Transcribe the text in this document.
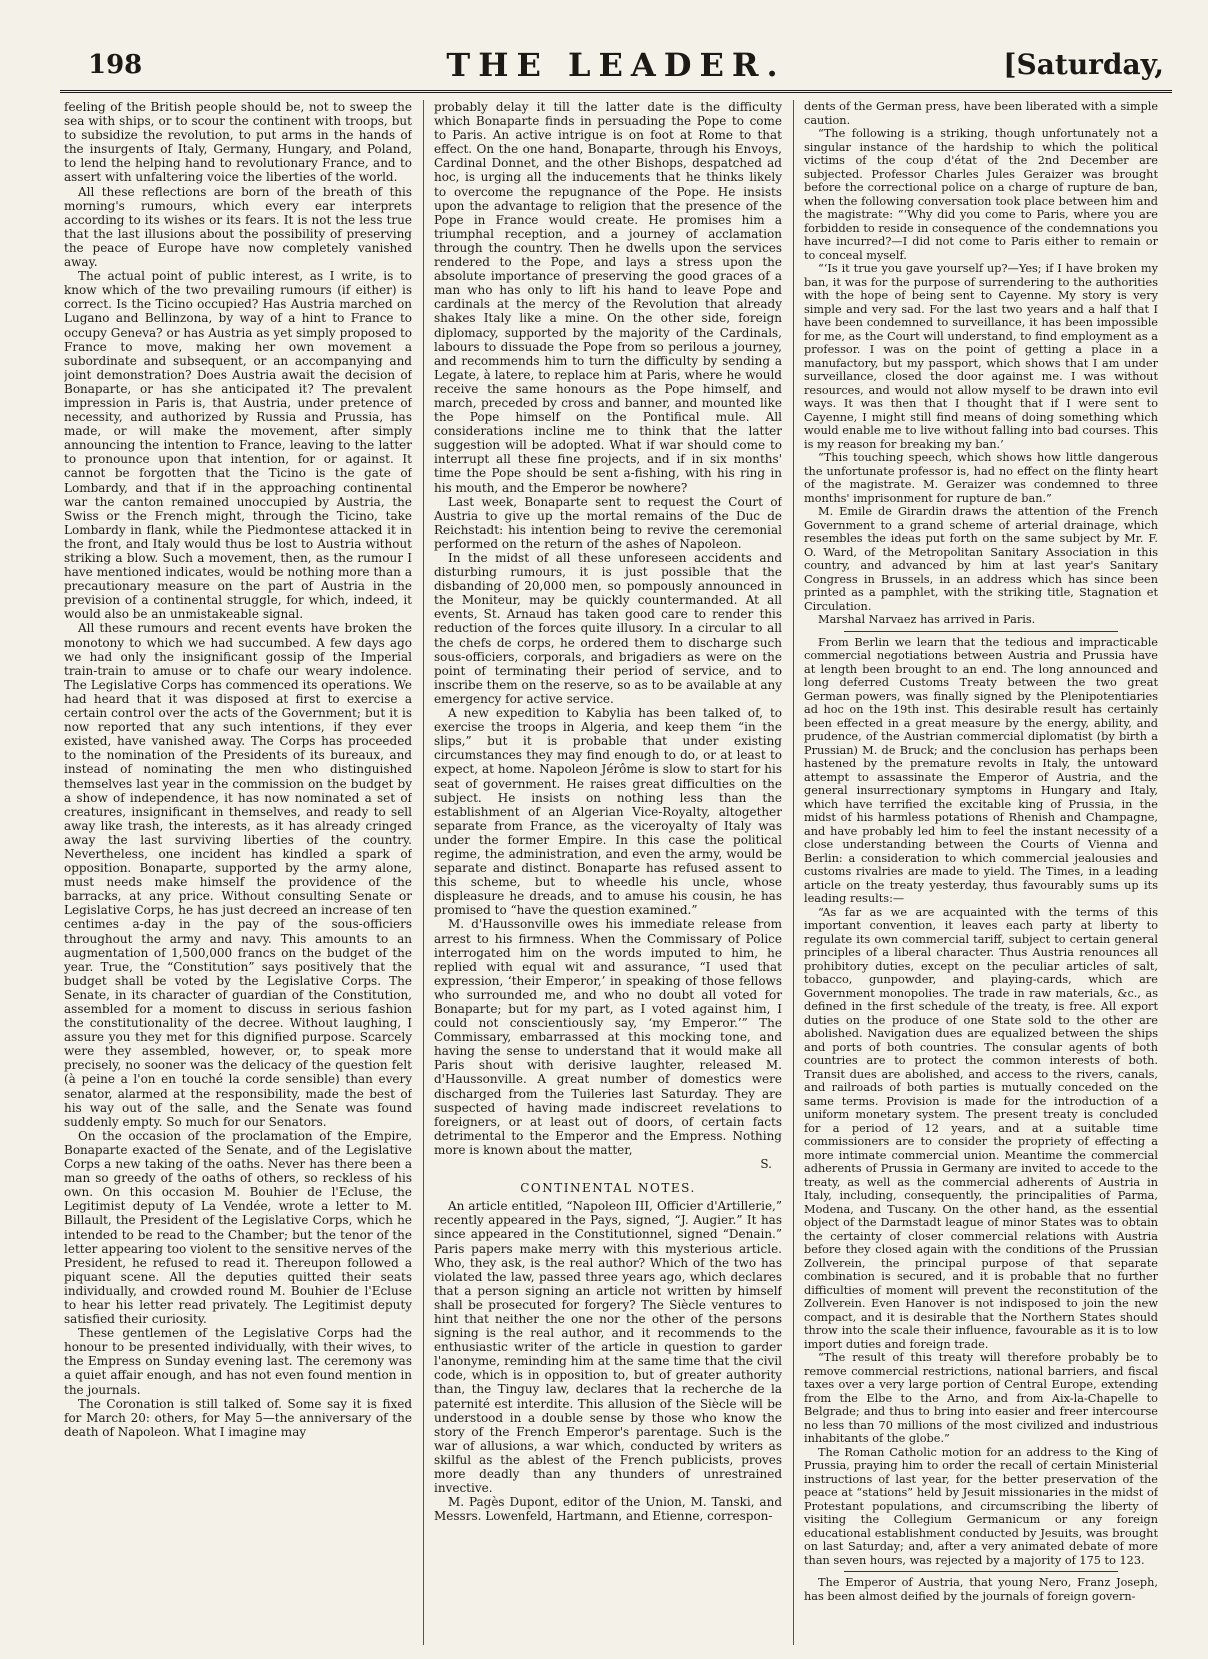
198	THE LEADER.	[Saturday,

feeling of the British people should be, not to sweep the sea with ships, or to scour the continent with troops, but to subsidize the revolution, to put arms in the hands of the insurgents of Italy, Germany, Hungary, and Poland, to lend the helping hand to revolutionary France, and to assert with unfaltering voice the liberties of the world.

All these reflections are born of the breath of this morning's rumours, which every ear interprets according to its wishes or its fears. It is not the less true that the last illusions about the possibility of preserving the peace of Europe have now completely vanished away.

The actual point of public interest, as I write, is to know which of the two prevailing rumours (if either) is correct. Is the Ticino occupied? Has Austria marched on Lugano and Bellinzona, by way of a hint to France to occupy Geneva? or has Austria as yet simply proposed to France to move, making her own movement a subordinate and subsequent, or an accompanying and joint demonstration? Does Austria await the decision of Bonaparte, or has she anticipated it? The prevalent impression in Paris is, that Austria, under pretence of necessity, and authorized by Russia and Prussia, has made, or will make the movement, after simply announcing the intention to France, leaving to the latter to pronounce upon that intention, for or against. It cannot be forgotten that the Ticino is the gate of Lombardy, and that if in the approaching continental war the canton remained unoccupied by Austria, the Swiss or the French might, through the Ticino, take Lombardy in flank, while the Piedmontese attacked it in the front, and Italy would thus be lost to Austria without striking a blow. Such a movement, then, as the rumour I have mentioned indicates, would be nothing more than a precautionary measure on the part of Austria in the prevision of a continental struggle, for which, indeed, it would also be an unmistakeable signal.

All these rumours and recent events have broken the monotony to which we had succumbed. A few days ago we had only the insignificant gossip of the Imperial train-train to amuse or to chafe our weary indolence. The Legislative Corps has commenced its operations. We had heard that it was disposed at first to exercise a certain control over the acts of the Government; but it is now reported that any such intentions, if they ever existed, have vanished away. The Corps has proceeded to the nomination of the Presidents of its bureaux, and instead of nominating the men who distinguished themselves last year in the commission on the budget by a show of independence, it has now nominated a set of creatures, insignificant in themselves, and ready to sell away like trash, the interests, as it has already cringed away the last surviving liberties of the country. Nevertheless, one incident has kindled a spark of opposition. Bonaparte, supported by the army alone, must needs make himself the providence of the barracks, at any price. Without consulting Senate or Legislative Corps, he has just decreed an increase of ten centimes a-day in the pay of the sous-officiers throughout the army and navy. This amounts to an augmentation of 1,500,000 francs on the budget of the year. True, the “Constitution” says positively that the budget shall be voted by the Legislative Corps. The Senate, in its character of guardian of the Constitution, assembled for a moment to discuss in serious fashion the constitutionality of the decree. Without laughing, I assure you they met for this dignified purpose. Scarcely were they assembled, however, or, to speak more precisely, no sooner was the delicacy of the question felt (à peine a l'on en touché la corde sensible) than every senator, alarmed at the responsibility, made the best of his way out of the salle, and the Senate was found suddenly empty. So much for our Senators.

On the occasion of the proclamation of the Empire, Bonaparte exacted of the Senate, and of the Legislative Corps a new taking of the oaths. Never has there been a man so greedy of the oaths of others, so reckless of his own. On this occasion M. Bouhier de l'Ecluse, the Legitimist deputy of La Vendée, wrote a letter to M. Billault, the President of the Legislative Corps, which he intended to be read to the Chamber; but the tenor of the letter appearing too violent to the sensitive nerves of the President, he refused to read it. Thereupon followed a piquant scene. All the deputies quitted their seats individually, and crowded round M. Bouhier de l'Ecluse to hear his letter read privately. The Legitimist deputy satisfied their curiosity.

These gentlemen of the Legislative Corps had the honour to be presented individually, with their wives, to the Empress on Sunday evening last. The ceremony was a quiet affair enough, and has not even found mention in the journals.

The Coronation is still talked of. Some say it is fixed for March 20: others, for May 5—the anniversary of the death of Napoleon. What I imagine may

probably delay it till the latter date is the difficulty which Bonaparte finds in persuading the Pope to come to Paris. An active intrigue is on foot at Rome to that effect. On the one hand, Bonaparte, through his Envoys, Cardinal Donnet, and the other Bishops, despatched ad hoc, is urging all the inducements that he thinks likely to overcome the repugnance of the Pope. He insists upon the advantage to religion that the presence of the Pope in France would create. He promises him a triumphal reception, and a journey of acclamation through the country. Then he dwells upon the services rendered to the Pope, and lays a stress upon the absolute importance of preserving the good graces of a man who has only to lift his hand to leave Pope and cardinals at the mercy of the Revolution that already shakes Italy like a mine. On the other side, foreign diplomacy, supported by the majority of the Cardinals, labours to dissuade the Pope from so perilous a journey, and recommends him to turn the difficulty by sending a Legate, à latere, to replace him at Paris, where he would receive the same honours as the Pope himself, and march, preceded by cross and banner, and mounted like the Pope himself on the Pontifical mule. All considerations incline me to think that the latter suggestion will be adopted. What if war should come to interrupt all these fine projects, and if in six months' time the Pope should be sent a-fishing, with his ring in his mouth, and the Emperor be nowhere?

Last week, Bonaparte sent to request the Court of Austria to give up the mortal remains of the Duc de Reichstadt: his intention being to revive the ceremonial performed on the return of the ashes of Napoleon.

In the midst of all these unforeseen accidents and disturbing rumours, it is just possible that the disbanding of 20,000 men, so pompously announced in the Moniteur, may be quickly countermanded. At all events, St. Arnaud has taken good care to render this reduction of the forces quite illusory. In a circular to all the chefs de corps, he ordered them to discharge such sous-officiers, corporals, and brigadiers as were on the point of terminating their period of service, and to inscribe them on the reserve, so as to be available at any emergency for active service.

A new expedition to Kabylia has been talked of, to exercise the troops in Algeria, and keep them “in the slips,” but it is probable that under existing circumstances they may find enough to do, or at least to expect, at home. Napoleon Jérôme is slow to start for his seat of government. He raises great difficulties on the subject. He insists on nothing less than the establishment of an Algerian Vice-Royalty, altogether separate from France, as the viceroyalty of Italy was under the former Empire. In this case the political regime, the administration, and even the army, would be separate and distinct. Bonaparte has refused assent to this scheme, but to wheedle his uncle, whose displeasure he dreads, and to amuse his cousin, he has promised to “have the question examined.”

M. d'Haussonville owes his immediate release from arrest to his firmness. When the Commissary of Police interrogated him on the words imputed to him, he replied with equal wit and assurance, “I used that expression, ‘their Emperor,’ in speaking of those fellows who surrounded me, and who no doubt all voted for Bonaparte; but for my part, as I voted against him, I could not conscientiously say, ‘my Emperor.’” The Commissary, embarrassed at this mocking tone, and having the sense to understand that it would make all Paris shout with derisive laughter, released M. d'Haussonville. A great number of domestics were discharged from the Tuileries last Saturday. They are suspected of having made indiscreet revelations to foreigners, or at least out of doors, of certain facts detrimental to the Emperor and the Empress. Nothing more is known about the matter,

S.

CONTINENTAL NOTES.

An article entitled, “Napoleon III, Officier d'Artillerie,” recently appeared in the Pays, signed, “J. Augier.” It has since appeared in the Constitutionnel, signed “Denain.” Paris papers make merry with this mysterious article. Who, they ask, is the real author? Which of the two has violated the law, passed three years ago, which declares that a person signing an article not written by himself shall be prosecuted for forgery? The Siècle ventures to hint that neither the one nor the other of the persons signing is the real author, and it recommends to the enthusiastic writer of the article in question to garder l'anonyme, reminding him at the same time that the civil code, which is in opposition to, but of greater authority than, the Tinguy law, declares that la recherche de la paternité est interdite. This allusion of the Siècle will be understood in a double sense by those who know the story of the French Emperor's parentage. Such is the war of allusions, a war which, conducted by writers as skilful as the ablest of the French publicists, proves more deadly than any thunders of unrestrained invective.

M. Pagès Dupont, editor of the Union, M. Tanski, and Messrs. Lowenfeld, Hartmann, and Etienne, correspon-

dents of the German press, have been liberated with a simple caution.

“The following is a striking, though unfortunately not a singular instance of the hardship to which the political victims of the coup d'état of the 2nd December are subjected. Professor Charles Jules Geraizer was brought before the correctional police on a charge of rupture de ban, when the following conversation took place between him and the magistrate: “‘Why did you come to Paris, where you are forbidden to reside in consequence of the condemnations you have incurred?—I did not come to Paris either to remain or to conceal myself.

“‘Is it true you gave yourself up?—Yes; if I have broken my ban, it was for the purpose of surrendering to the authorities with the hope of being sent to Cayenne. My story is very simple and very sad. For the last two years and a half that I have been condemned to surveillance, it has been impossible for me, as the Court will understand, to find employment as a professor. I was on the point of getting a place in a manufactory, but my passport, which shows that I am under surveillance, closed the door against me. I was without resources, and would not allow myself to be drawn into evil ways. It was then that I thought that if I were sent to Cayenne, I might still find means of doing something which would enable me to live without falling into bad courses. This is my reason for breaking my ban.’

“This touching speech, which shows how little dangerous the unfortunate professor is, had no effect on the flinty heart of the magistrate. M. Geraizer was condemned to three months' imprisonment for rupture de ban.”

M. Emile de Girardin draws the attention of the French Government to a grand scheme of arterial drainage, which resembles the ideas put forth on the same subject by Mr. F. O. Ward, of the Metropolitan Sanitary Association in this country, and advanced by him at last year's Sanitary Congress in Brussels, in an address which has since been printed as a pamphlet, with the striking title, Stagnation et Circulation.

Marshal Narvaez has arrived in Paris.

From Berlin we learn that the tedious and impracticable commercial negotiations between Austria and Prussia have at length been brought to an end. The long announced and long deferred Customs Treaty between the two great German powers, was finally signed by the Plenipotentiaries ad hoc on the 19th inst. This desirable result has certainly been effected in a great measure by the energy, ability, and prudence, of the Austrian commercial diplomatist (by birth a Prussian) M. de Bruck; and the conclusion has perhaps been hastened by the premature revolts in Italy, the untoward attempt to assassinate the Emperor of Austria, and the general insurrectionary symptoms in Hungary and Italy, which have terrified the excitable king of Prussia, in the midst of his harmless potations of Rhenish and Champagne, and have probably led him to feel the instant necessity of a close understanding between the Courts of Vienna and Berlin: a consideration to which commercial jealousies and customs rivalries are made to yield. The Times, in a leading article on the treaty yesterday, thus favourably sums up its leading results:—

“As far as we are acquainted with the terms of this important convention, it leaves each party at liberty to regulate its own commercial tariff, subject to certain general principles of a liberal character. Thus Austria renounces all prohibitory duties, except on the peculiar articles of salt, tobacco, gunpowder, and playing-cards, which are Government monopolies. The trade in raw materials, &c., as defined in the first schedule of the treaty, is free. All export duties on the produce of one State sold to the other are abolished. Navigation dues are equalized between the ships and ports of both countries. The consular agents of both countries are to protect the common interests of both. Transit dues are abolished, and access to the rivers, canals, and railroads of both parties is mutually conceded on the same terms. Provision is made for the introduction of a uniform monetary system. The present treaty is concluded for a period of 12 years, and at a suitable time commissioners are to consider the propriety of effecting a more intimate commercial union. Meantime the commercial adherents of Prussia in Germany are invited to accede to the treaty, as well as the commercial adherents of Austria in Italy, including, consequently, the principalities of Parma, Modena, and Tuscany. On the other hand, as the essential object of the Darmstadt league of minor States was to obtain the certainty of closer commercial relations with Austria before they closed again with the conditions of the Prussian Zollverein, the principal purpose of that separate combination is secured, and it is probable that no further difficulties of moment will prevent the reconstitution of the Zollverein. Even Hanover is not indisposed to join the new compact, and it is desirable that the Northern States should throw into the scale their influence, favourable as it is to low import duties and foreign trade.

“The result of this treaty will therefore probably be to remove commercial restrictions, national barriers, and fiscal taxes over a very large portion of Central Europe, extending from the Elbe to the Arno, and from Aix-la-Chapelle to Belgrade; and thus to bring into easier and freer intercourse no less than 70 millions of the most civilized and industrious inhabitants of the globe.”

The Roman Catholic motion for an address to the King of Prussia, praying him to order the recall of certain Ministerial instructions of last year, for the better preservation of the peace at “stations” held by Jesuit missionaries in the midst of Protestant populations, and circumscribing the liberty of visiting the Collegium Germanicum or any foreign educational establishment conducted by Jesuits, was brought on last Saturday; and, after a very animated debate of more than seven hours, was rejected by a majority of 175 to 123.

The Emperor of Austria, that young Nero, Franz Joseph, has been almost deified by the journals of foreign govern-
